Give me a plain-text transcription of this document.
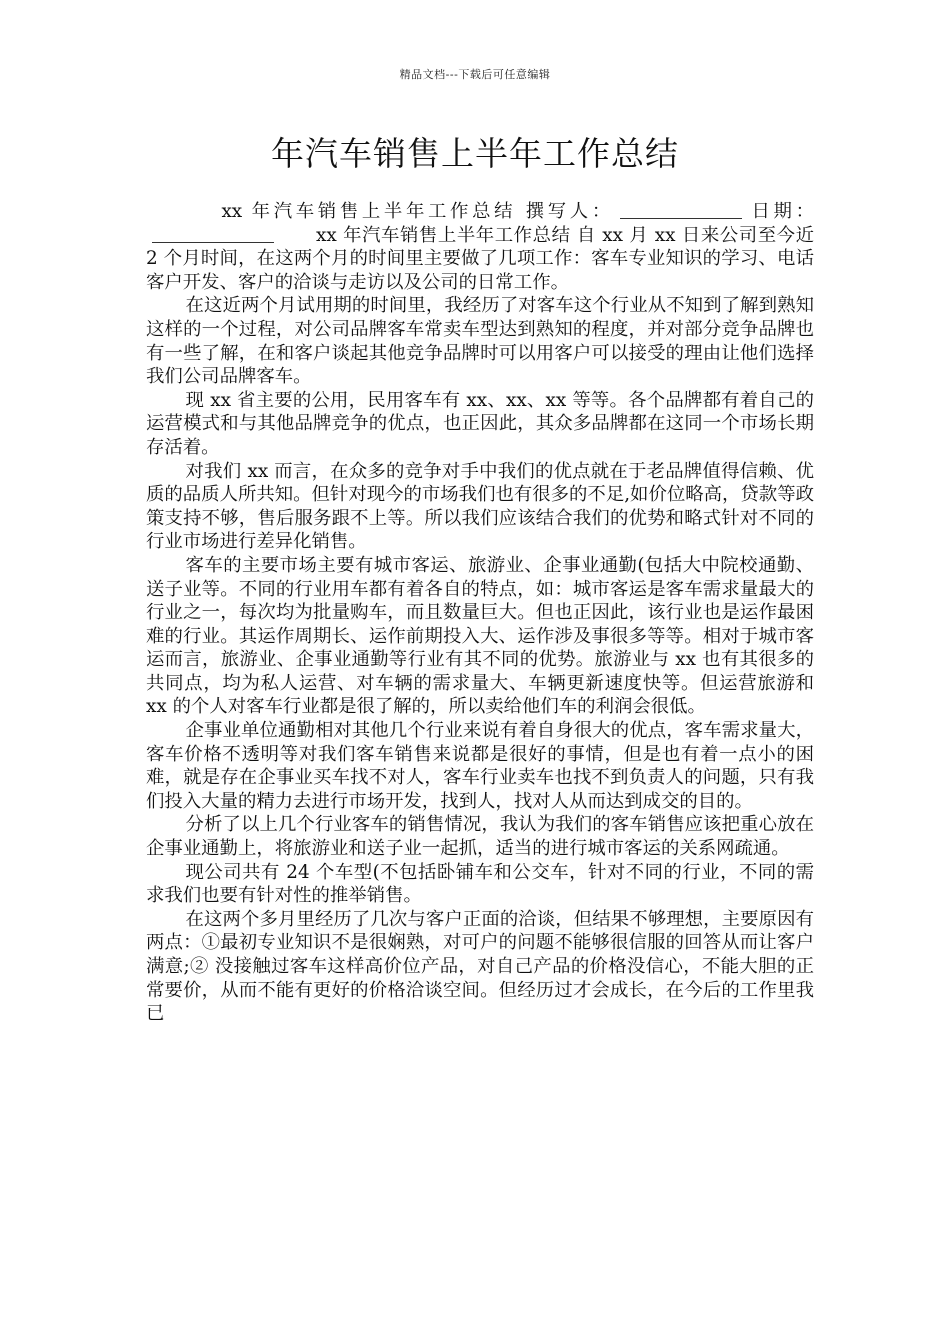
精品文档---下载后可任意编辑
年汽车销售上半年工作总结

xx 年汽车销售上半年工作总结 撰写人：	日期：xx 年汽车销售上半年工作总结 自 xx 月 xx 日来公司至今近 2 个月时间，在这两个月的时间里主要做了几项工作：客车专业知识的学习、电话客户开发、客户的洽谈与走访以及公司的日常工作。

在这近两个月试用期的时间里，我经历了对客车这个行业从不知到了解到熟知这样的一个过程，对公司品牌客车常卖车型达到熟知的程度，并对部分竞争品牌也有一些了解，在和客户谈起其他竞争品牌时可以用客户可以接受的理由让他们选择我们公司品牌客车。

现 xx 省主要的公用，民用客车有 xx、xx、xx 等等。各个品牌都有着自己的运营模式和与其他品牌竞争的优点，也正因此，其众多品牌都在这同一个市场长期存活着。

对我们 xx 而言，在众多的竞争对手中我们的优点就在于老品牌值得信赖、优质的品质人所共知。但针对现今的市场我们也有很多的不足,如价位略高，贷款等政策支持不够，售后服务跟不上等。所以我们应该结合我们的优势和略式针对不同的行业市场进行差异化销售。

客车的主要市场主要有城市客运、旅游业、企事业通勤(包括大中院校通勤、送子业等。不同的行业用车都有着各自的特点，如：城市客运是客车需求量最大的行业之一，每次均为批量购车，而且数量巨大。但也正因此，该行业也是运作最困难的行业。其运作周期长、运作前期投入大、运作涉及事很多等等。相对于城市客运而言，旅游业、企事业通勤等行业有其不同的优势。旅游业与 xx 也有其很多的共同点，均为私人运营、对车辆的需求量大、车辆更新速度快等。但运营旅游和 xx 的个人对客车行业都是很了解的，所以卖给他们车的利润会很低。

企事业单位通勤相对其他几个行业来说有着自身很大的优点，客车需求量大，客车价格不透明等对我们客车销售来说都是很好的事情，但是也有着一点小的困难，就是存在企事业买车找不对人，客车行业卖车也找不到负责人的问题，只有我们投入大量的精力去进行市场开发，找到人，找对人从而达到成交的目的。

分析了以上几个行业客车的销售情况，我认为我们的客车销售应该把重心放在企事业通勤上，将旅游业和送子业一起抓，适当的进行城市客运的关系网疏通。

现公司共有 24 个车型(不包括卧铺车和公交车，针对不同的行业，不同的需求我们也要有针对性的推举销售。

在这两个多月里经历了几次与客户正面的洽谈，但结果不够理想，主要原因有两点：①最初专业知识不是很娴熟，对可户的问题不能够很信服的回答从而让客户满意;② 没接触过客车这样高价位产品，对自己产品的价格没信心，不能大胆的正常要价，从而不能有更好的价格洽谈空间。但经历过才会成长，在今后的工作里我已
